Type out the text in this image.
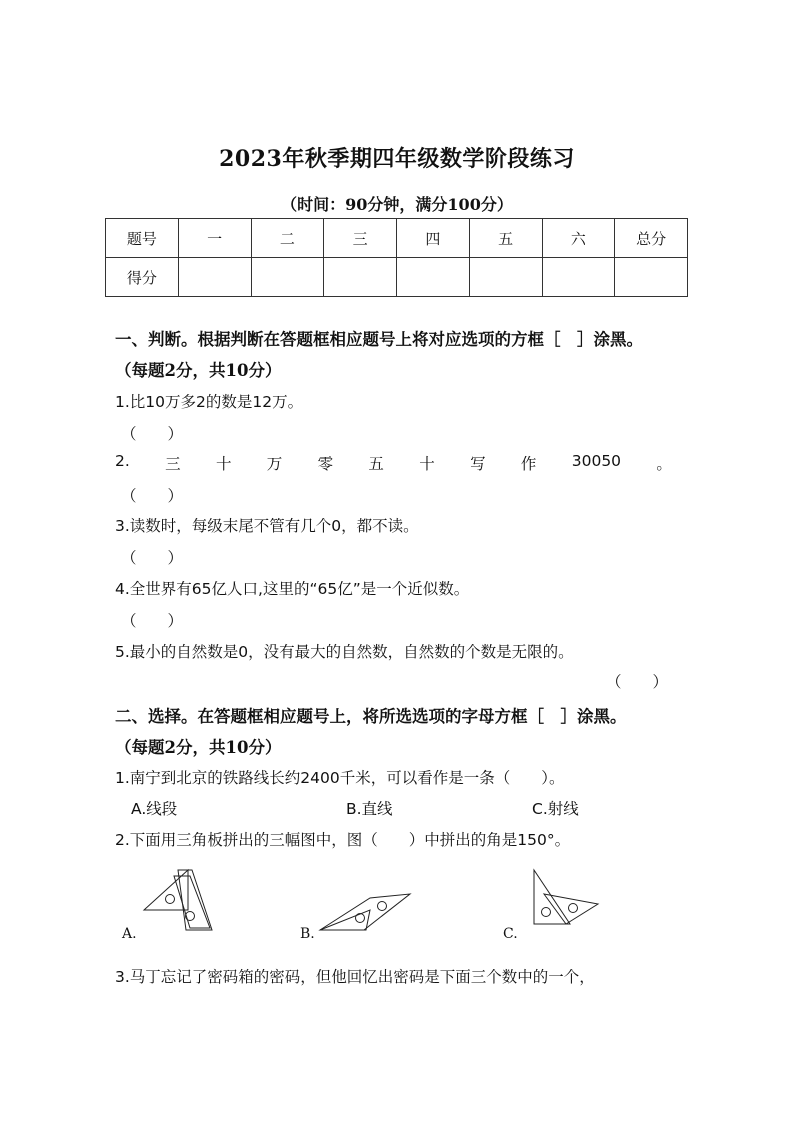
2023年秋季期四年级数学阶段练习
（时间：90分钟，满分100分）
题号	一	二	三	四	五	六	总分
得分							
一、判断。根据判断在答题框相应题号上将对应选项的方框［　］涂黑。
（每题2分，共10分）
1.比10万多2的数是12万。
（　　）
2. 三 十 万 零 五 十 写 作 30050 。
（　　）
3.读数时，每级末尾不管有几个0，都不读。
（　　）
4.全世界有65亿人口,这里的“65亿”是一个近似数。
（　　）
5.最小的自然数是0，没有最大的自然数，自然数的个数是无限的。
（　　）
二、选择。在答题框相应题号上，将所选选项的字母方框［　］涂黑。
（每题2分，共10分）
1.南宁到北京的铁路线长约2400千米，可以看作是一条（　　）。
A.线段	B.直线	C.射线
2.下面用三角板拼出的三幅图中，图（　　）中拼出的角是150°。
A.	B.	C.
3.马丁忘记了密码箱的密码，但他回忆出密码是下面三个数中的一个，
